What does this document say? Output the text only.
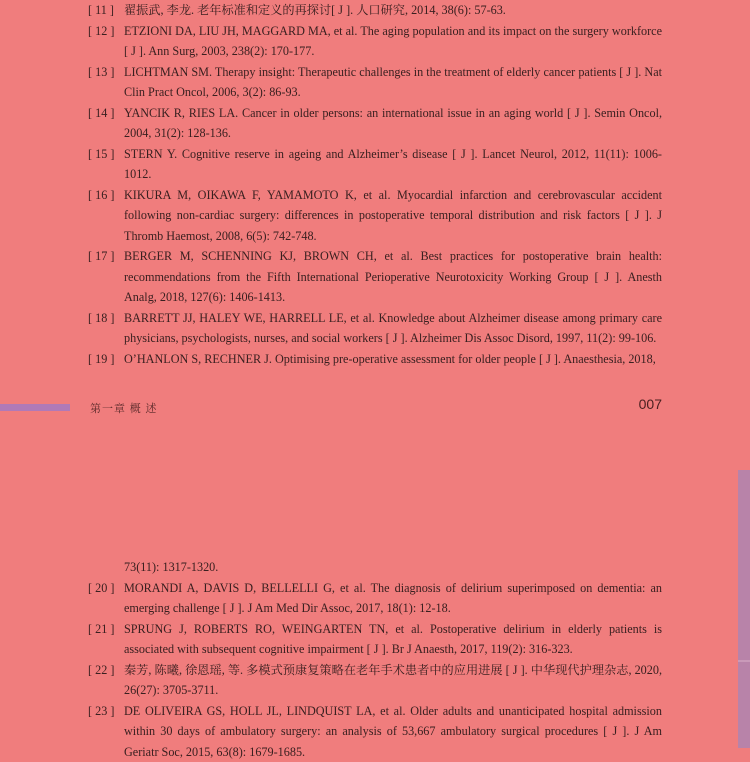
[ 11 ] 翟振武, 李龙. 老年标准和定义的再探讨[ J ]. 人口研究, 2014, 38(6): 57-63.
[ 12 ] ETZIONI DA, LIU JH, MAGGARD MA, et al. The aging population and its impact on the surgery workforce [ J ]. Ann Surg, 2003, 238(2): 170-177.
[ 13 ] LICHTMAN SM. Therapy insight: Therapeutic challenges in the treatment of elderly cancer patients [ J ]. Nat Clin Pract Oncol, 2006, 3(2): 86-93.
[ 14 ] YANCIK R, RIES LA. Cancer in older persons: an international issue in an aging world [ J ]. Semin Oncol, 2004, 31(2): 128-136.
[ 15 ] STERN Y. Cognitive reserve in ageing and Alzheimer’s disease [ J ]. Lancet Neurol, 2012, 11(11): 1006-1012.
[ 16 ] KIKURA M, OIKAWA F, YAMAMOTO K, et al. Myocardial infarction and cerebrovascular accident following non-cardiac surgery: differences in postoperative temporal distribution and risk factors [ J ]. J Thromb Haemost, 2008, 6(5): 742-748.
[ 17 ] BERGER M, SCHENNING KJ, BROWN CH, et al. Best practices for postoperative brain health: recommendations from the Fifth International Perioperative Neurotoxicity Working Group [ J ]. Anesth Analg, 2018, 127(6): 1406-1413.
[ 18 ] BARRETT JJ, HALEY WE, HARRELL LE, et al. Knowledge about Alzheimer disease among primary care physicians, psychologists, nurses, and social workers [ J ]. Alzheimer Dis Assoc Disord, 1997, 11(2): 99-106.
[ 19 ] O’HANLON S, RECHNER J. Optimising pre-operative assessment for older people [ J ]. Anaesthesia, 2018,
第一章 概 述	007
73(11): 1317-1320.
[ 20 ] MORANDI A, DAVIS D, BELLELLI G, et al. The diagnosis of delirium superimposed on dementia: an emerging challenge [ J ]. J Am Med Dir Assoc, 2017, 18(1): 12-18.
[ 21 ] SPRUNG J, ROBERTS RO, WEINGARTEN TN, et al. Postoperative delirium in elderly patients is associated with subsequent cognitive impairment [ J ]. Br J Anaesth, 2017, 119(2): 316-323.
[ 22 ] 秦芳, 陈曦, 徐恩瑶, 等. 多模式预康复策略在老年手术患者中的应用进展 [ J ]. 中华现代护理杂志, 2020, 26(27): 3705-3711.
[ 23 ] DE OLIVEIRA GS, HOLL JL, LINDQUIST LA, et al. Older adults and unanticipated hospital admission within 30 days of ambulatory surgery: an analysis of 53,667 ambulatory surgical procedures [ J ]. J Am Geriatr Soc, 2015, 63(8): 1679-1685.
